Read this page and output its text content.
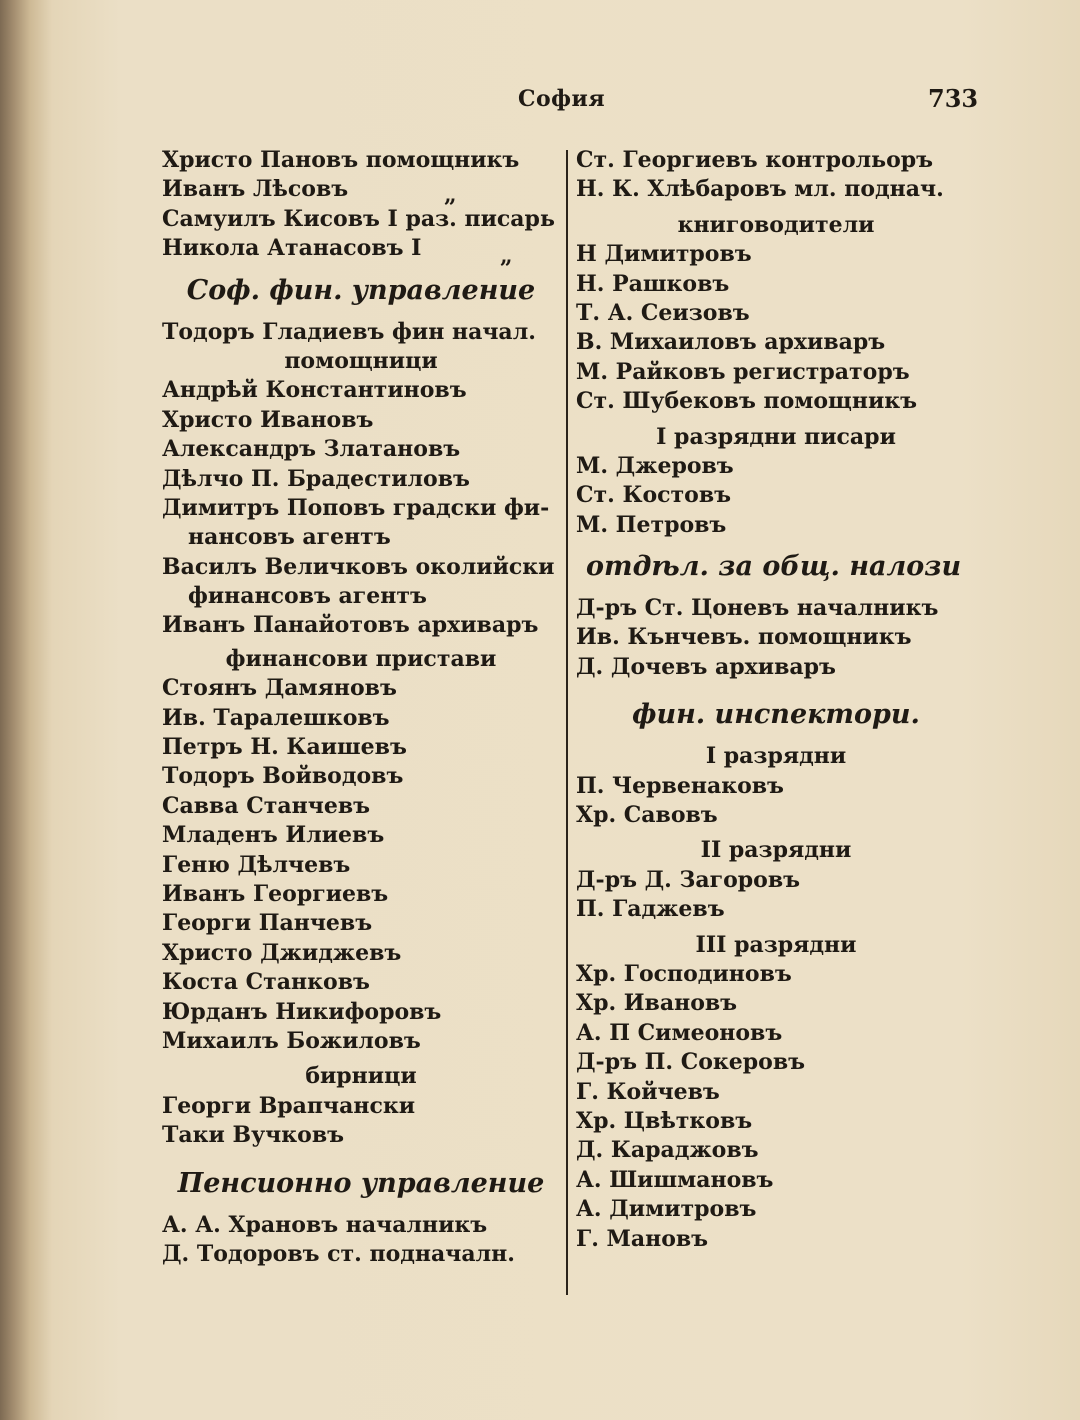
София	733
Христо Пановъ помощникъ
Иванъ Лѣсовъ	„
Самуилъ Кисовъ I раз. писарь
Никола Атанасовъ I	„
Соф. фин. управление
Тодоръ Гладиевъ фин начал.
помощници
Андрѣй Константиновъ
Христо Ивановъ
Александръ Златановъ
Дѣлчо П. Брадестиловъ
Димитръ Поповъ градски фи-
нансовъ агентъ
Василъ Величковъ околийски
финансовъ агентъ
Иванъ Панайотовъ архиваръ
финансови пристави
Стоянъ Дамяновъ
Ив. Таралешковъ
Петръ Н. Каишевъ
Тодоръ Войводовъ
Савва Станчевъ
Младенъ Илиевъ
Геню Дѣлчевъ
Иванъ Георгиевъ
Георги Панчевъ
Христо Джиджевъ
Коста Станковъ
Юрданъ Никифоровъ
Михаилъ Божиловъ
бирници
Георги Врапчански
Таки Вучковъ
Пенсионно управление
А. А. Храновъ началникъ
Д. Тодоровъ ст. подначалн.
Ст. Георгиевъ контрольоръ
Н. К. Хлѣбаровъ мл. поднач.
книговодители
Н Димитровъ
Н. Рашковъ
Т. А. Сеизовъ
В. Михаиловъ архиваръ
М. Райковъ регистраторъ
Ст. Шубековъ помощникъ
I разрядни писари
М. Джеровъ
Ст. Костовъ
М. Петровъ
отдѣл. за общ. налози
Д-ръ Ст. Цоневъ началникъ
Ив. Кънчевъ. помощникъ
Д. Дочевъ архиваръ
фин. инспектори.
I разрядни
П. Червенаковъ
Хр. Савовъ
II разрядни
Д-ръ Д. Загоровъ
П. Гаджевъ
III разрядни
Хр. Господиновъ
Хр. Ивановъ
А. П Симеоновъ
Д-ръ П. Сокеровъ
Г. Койчевъ
Хр. Цвѣтковъ
Д. Караджовъ
А. Шишмановъ
А. Димитровъ
Г. Мановъ
